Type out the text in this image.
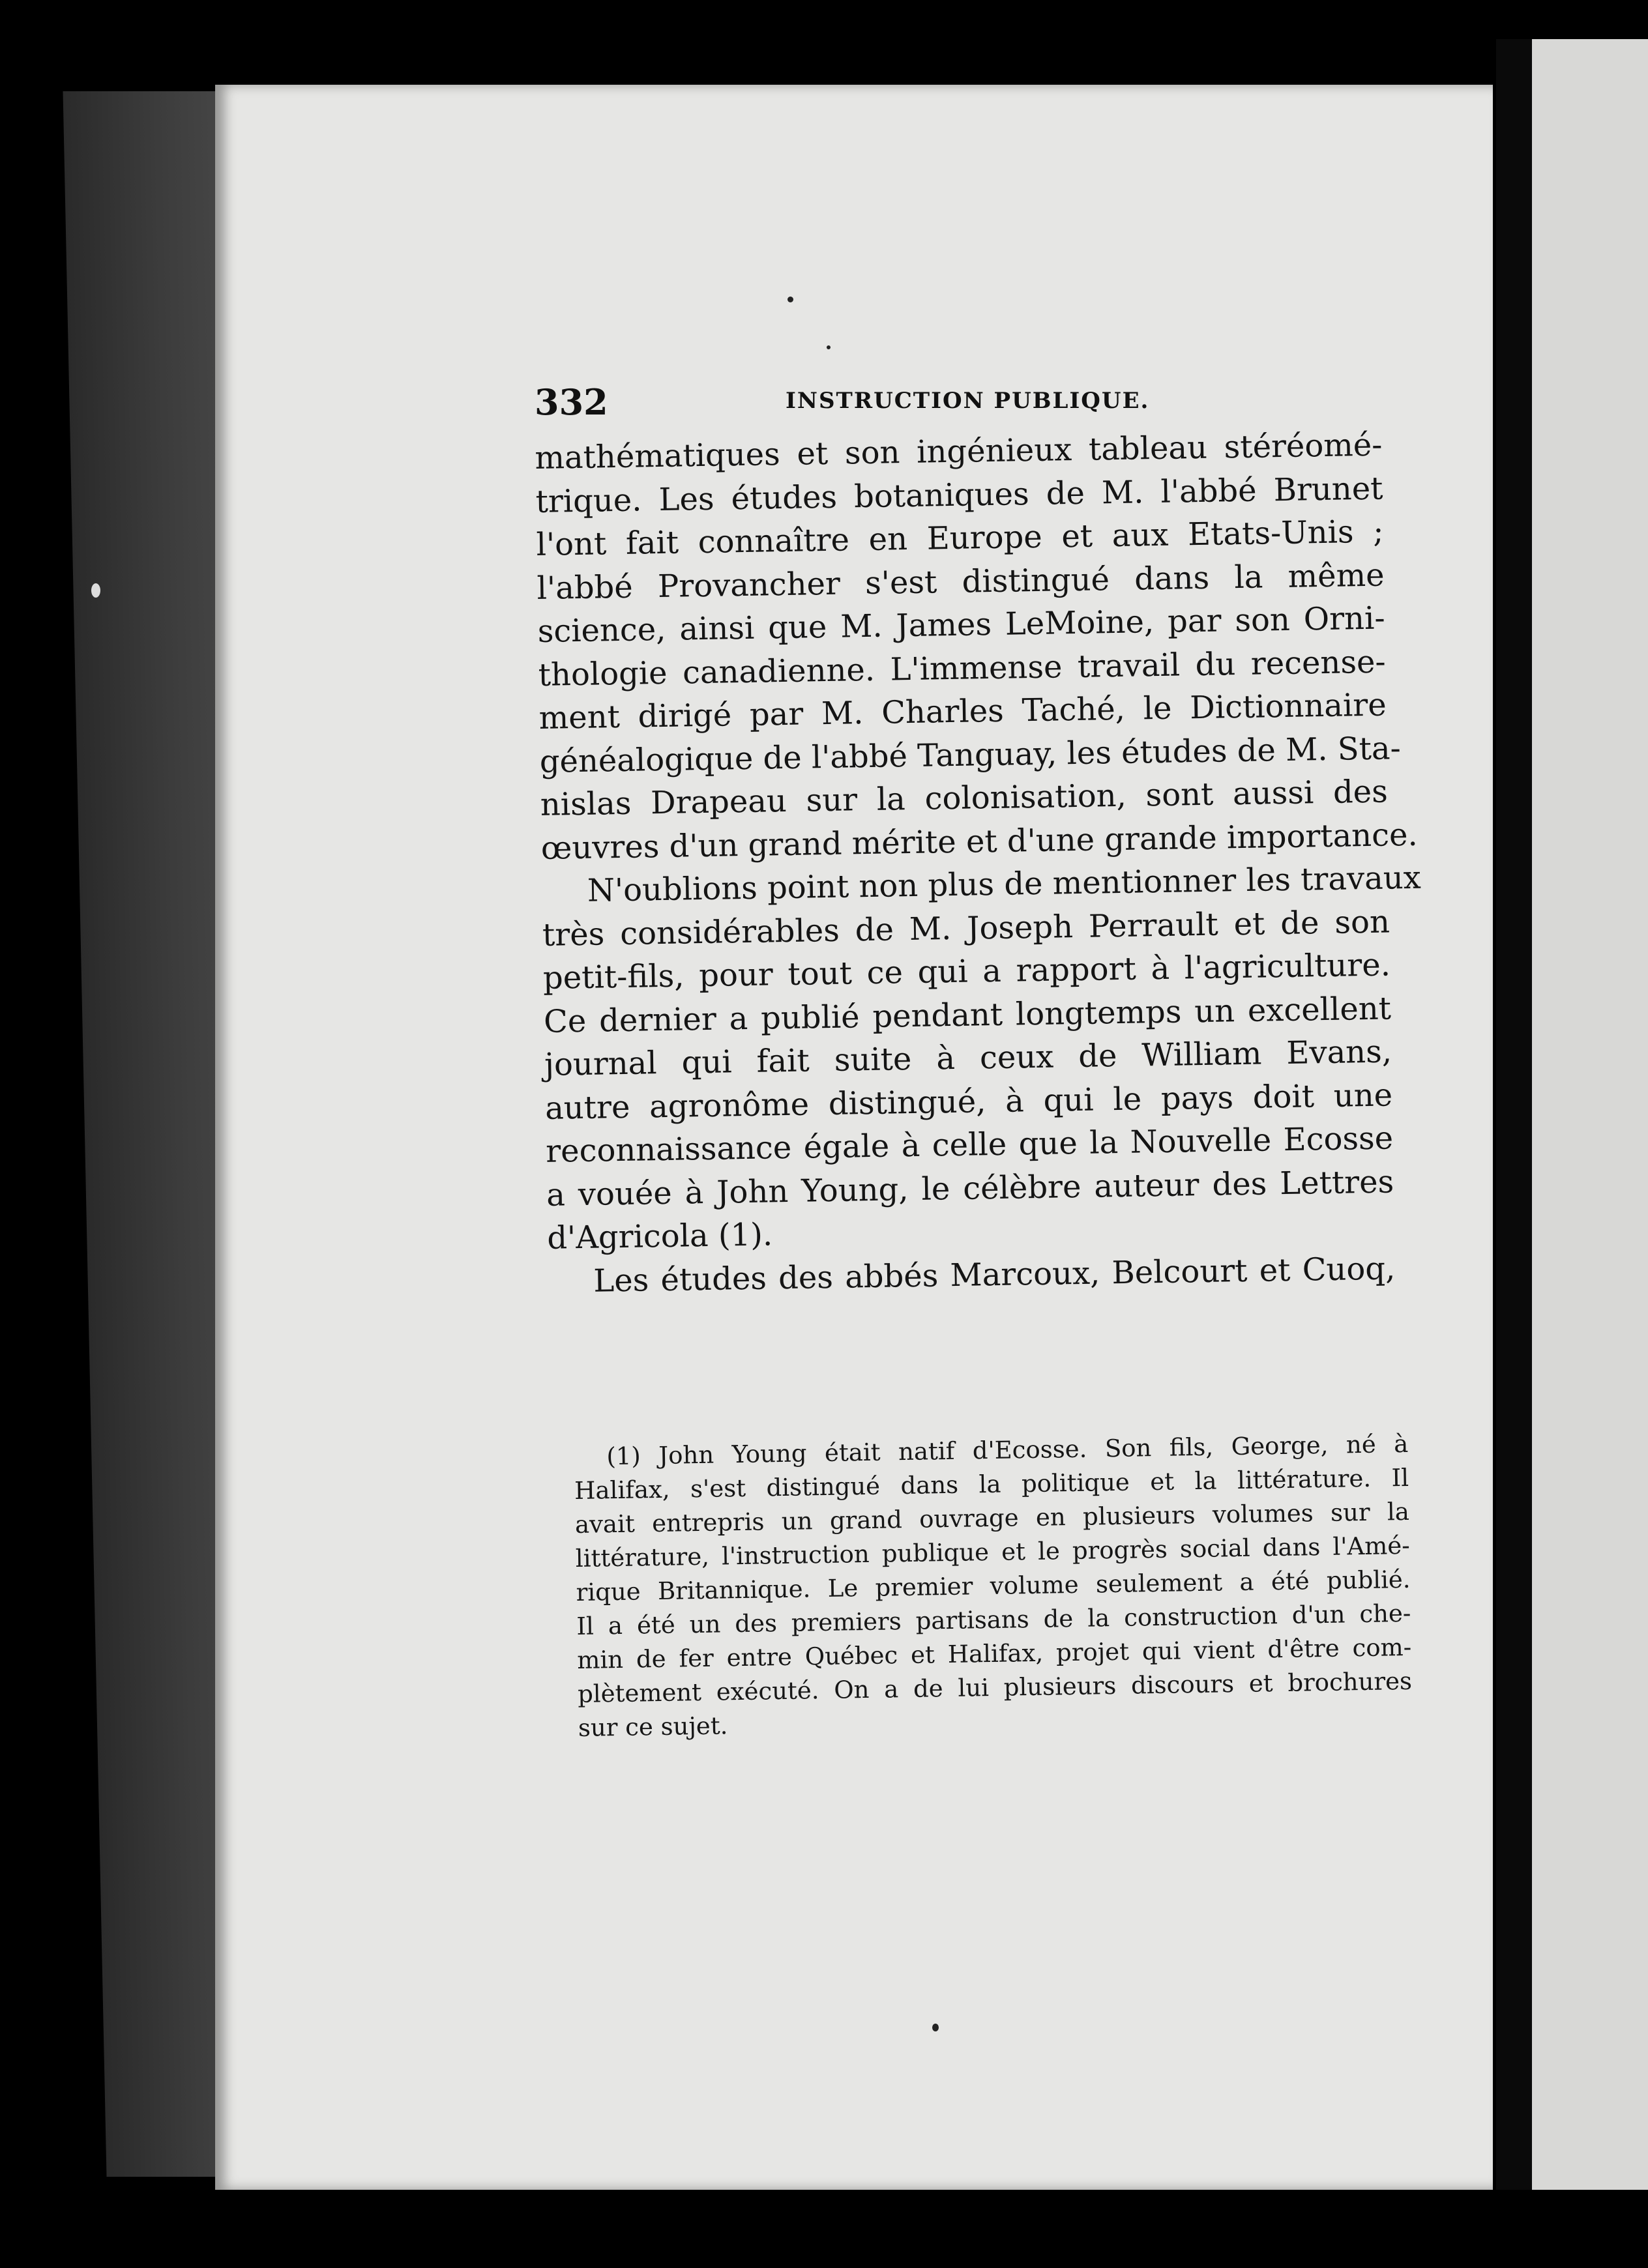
332	INSTRUCTION PUBLIQUE.
mathématiques et son ingénieux tableau stéréomé-
trique. Les études botaniques de M. l'abbé Brunet
l'ont fait connaître en Europe et aux Etats-Unis ;
l'abbé Provancher s'est distingué dans la même
science, ainsi que M. James LeMoine, par son Orni-
thologie canadienne. L'immense travail du recense-
ment dirigé par M. Charles Taché, le Dictionnaire
généalogique de l'abbé Tanguay, les études de M. Sta-
nislas Drapeau sur la colonisation, sont aussi des
œuvres d'un grand mérite et d'une grande importance.
N'oublions point non plus de mentionner les travaux
très considérables de M. Joseph Perrault et de son
petit-fils, pour tout ce qui a rapport à l'agriculture.
Ce dernier a publié pendant longtemps un excellent
journal qui fait suite à ceux de William Evans,
autre agronôme distingué, à qui le pays doit une
reconnaissance égale à celle que la Nouvelle Ecosse
a vouée à John Young, le célèbre auteur des Lettres
d'Agricola (1).
Les études des abbés Marcoux, Belcourt et Cuoq,
(1) John Young était natif d'Ecosse. Son fils, George, né à
Halifax, s'est distingué dans la politique et la littérature. Il
avait entrepris un grand ouvrage en plusieurs volumes sur la
littérature, l'instruction publique et le progrès social dans l'Amé-
rique Britannique. Le premier volume seulement a été publié.
Il a été un des premiers partisans de la construction d'un che-
min de fer entre Québec et Halifax, projet qui vient d'être com-
plètement exécuté. On a de lui plusieurs discours et brochures
sur ce sujet.
